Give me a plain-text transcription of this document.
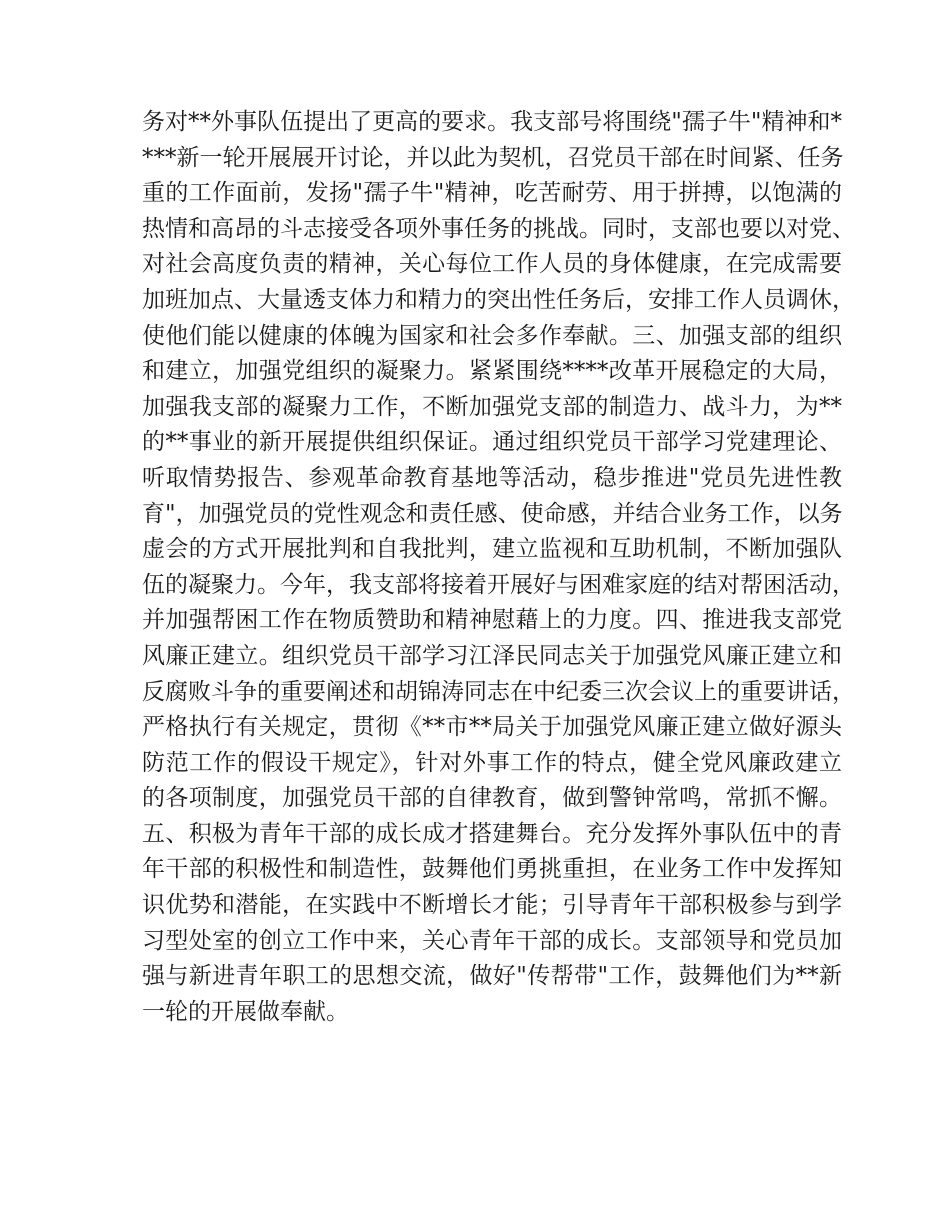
务对**外事队伍提出了更高的要求。我支部号将围绕"孺子牛"精神和*
***新一轮开展展开讨论，并以此为契机，召党员干部在时间紧、任务
重的工作面前，发扬"孺子牛"精神，吃苦耐劳、用于拼搏，以饱满的
热情和高昂的斗志接受各项外事任务的挑战。同时，支部也要以对党、
对社会高度负责的精神，关心每位工作人员的身体健康，在完成需要
加班加点、大量透支体力和精力的突出性任务后，安排工作人员调休，
使他们能以健康的体魄为国家和社会多作奉献。三、加强支部的组织
和建立，加强党组织的凝聚力。紧紧围绕****改革开展稳定的大局，
加强我支部的凝聚力工作，不断加强党支部的制造力、战斗力，为**
的**事业的新开展提供组织保证。通过组织党员干部学习党建理论、
听取情势报告、参观革命教育基地等活动，稳步推进"党员先进性教
育"，加强党员的党性观念和责任感、使命感，并结合业务工作，以务
虚会的方式开展批判和自我批判，建立监视和互助机制，不断加强队
伍的凝聚力。今年，我支部将接着开展好与困难家庭的结对帮困活动，
并加强帮困工作在物质赞助和精神慰藉上的力度。四、推进我支部党
风廉正建立。组织党员干部学习江泽民同志关于加强党风廉正建立和
反腐败斗争的重要阐述和胡锦涛同志在中纪委三次会议上的重要讲话，
严格执行有关规定，贯彻《**市**局关于加强党风廉正建立做好源头
防范工作的假设干规定》，针对外事工作的特点，健全党风廉政建立
的各项制度，加强党员干部的自律教育，做到警钟常鸣，常抓不懈。
五、积极为青年干部的成长成才搭建舞台。充分发挥外事队伍中的青
年干部的积极性和制造性，鼓舞他们勇挑重担，在业务工作中发挥知
识优势和潜能，在实践中不断增长才能；引导青年干部积极参与到学
习型处室的创立工作中来，关心青年干部的成长。支部领导和党员加
强与新进青年职工的思想交流，做好"传帮带"工作，鼓舞他们为**新
一轮的开展做奉献。
